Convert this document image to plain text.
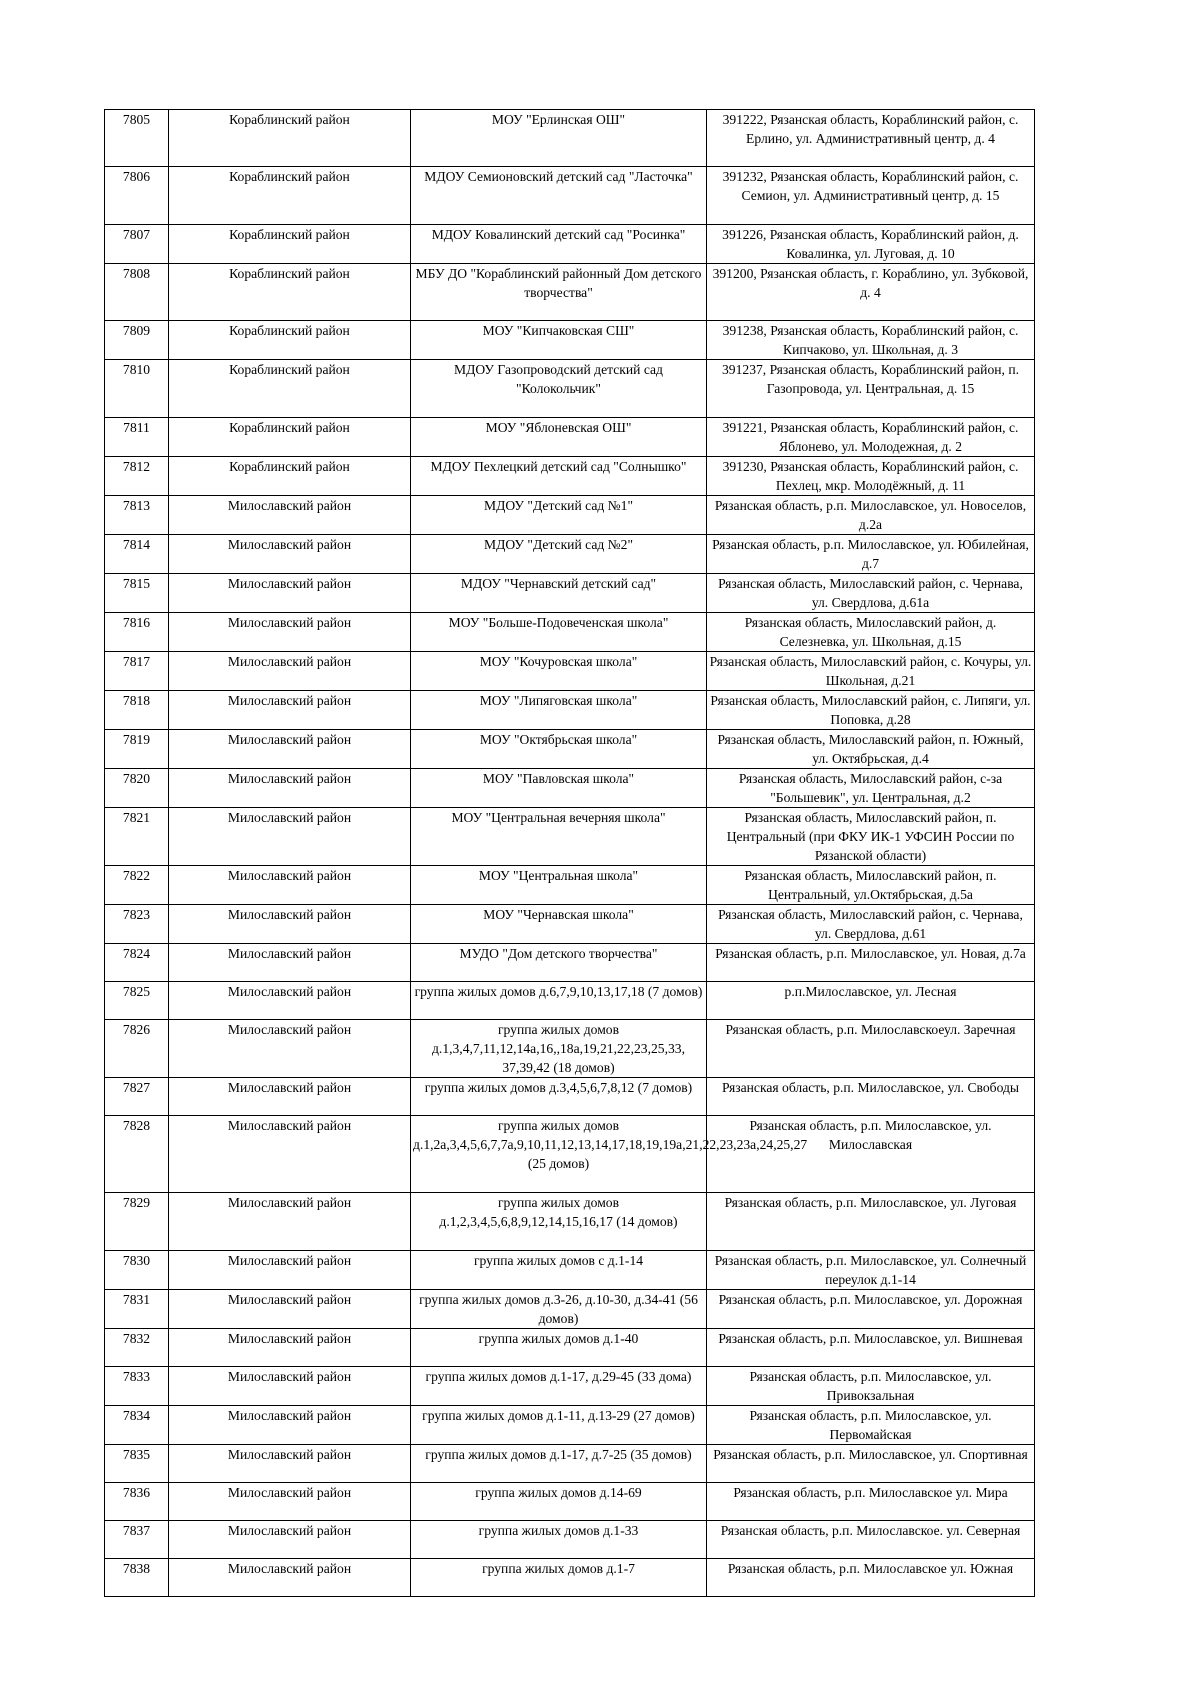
7805	Кораблинский район	МОУ "Ерлинская ОШ"	391222, Рязанская область, Кораблинский район, с. Ерлино, ул. Административный центр, д. 4
7806	Кораблинский район	МДОУ Семионовский детский сад "Ласточка"	391232, Рязанская область, Кораблинский район, с. Семион, ул. Административный центр, д. 15
7807	Кораблинский район	МДОУ Ковалинский детский сад "Росинка"	391226, Рязанская область, Кораблинский район, д. Ковалинка, ул. Луговая, д. 10
7808	Кораблинский район	МБУ ДО "Кораблинский районный Дом детского творчества"	391200, Рязанская область, г. Кораблино, ул. Зубковой, д. 4
7809	Кораблинский район	МОУ "Кипчаковская СШ"	391238, Рязанская область, Кораблинский район, с. Кипчаково, ул. Школьная, д. 3
7810	Кораблинский район	МДОУ Газопроводский детский сад "Колокольчик"	391237, Рязанская область, Кораблинский район, п. Газопровода, ул. Центральная, д. 15
7811	Кораблинский район	МОУ "Яблоневская ОШ"	391221, Рязанская область, Кораблинский район, с. Яблонево, ул. Молодежная, д. 2
7812	Кораблинский район	МДОУ Пехлецкий детский сад "Солнышко"	391230, Рязанская область, Кораблинский район, с. Пехлец, мкр. Молодёжный, д. 11
7813	Милославский район	МДОУ "Детский сад №1"	Рязанская область, р.п. Милославское, ул. Новоселов, д.2а
7814	Милославский район	МДОУ "Детский сад №2"	Рязанская область, р.п. Милославское, ул. Юбилейная, д.7
7815	Милославский район	МДОУ "Чернавский детский сад"	Рязанская область, Милославский район, с. Чернава, ул. Свердлова, д.61а
7816	Милославский район	МОУ "Больше-Подовеченская школа"	Рязанская область, Милославский район, д. Селезневка, ул. Школьная, д.15
7817	Милославский район	МОУ "Кочуровская школа"	Рязанская область, Милославский район, с. Кочуры, ул. Школьная, д.21
7818	Милославский район	МОУ "Липяговская школа"	Рязанская область, Милославский район, с. Липяги, ул. Поповка, д.28
7819	Милославский район	МОУ "Октябрьская школа"	Рязанская область, Милославский район, п. Южный, ул. Октябрьская, д.4
7820	Милославский район	МОУ "Павловская школа"	Рязанская область, Милославский район, с-за "Большевик", ул. Центральная, д.2
7821	Милославский район	МОУ "Центральная вечерняя школа"	Рязанская область, Милославский район, п. Центральный (при ФКУ ИК-1 УФСИН России по Рязанской области)
7822	Милославский район	МОУ "Центральная школа"	Рязанская область, Милославский район, п. Центральный, ул.Октябрьская, д.5а
7823	Милославский район	МОУ "Чернавская школа"	Рязанская область, Милославский район, с. Чернава, ул. Свердлова, д.61
7824	Милославский район	МУДО "Дом детского творчества"	Рязанская область, р.п. Милославское, ул. Новая, д.7а
7825	Милославский район	группа жилых домов д.6,7,9,10,13,17,18 (7 домов)	р.п.Милославское, ул. Лесная
7826	Милославский район	группа жилых домов д.1,3,4,7,11,12,14а,16,,18а,19,21,22,23,25,33, 37,39,42 (18 домов)	Рязанская область, р.п. Милославскоеул. Заречная
7827	Милославский район	группа жилых домов д.3,4,5,6,7,8,12 (7 домов)	Рязанская область, р.п. Милославское, ул. Свободы
7828	Милославский район	группа жилых домов д.1,2а,3,4,5,6,7,7а,9,10,11,12,13,14,17,18,19,19а,21,22,23,23а,24,25,27 (25 домов)	Рязанская область, р.п. Милославское, ул. Милославская
7829	Милославский район	группа жилых домов д.1,2,3,4,5,6,8,9,12,14,15,16,17 (14 домов)	Рязанская область, р.п. Милославское, ул. Луговая
7830	Милославский район	группа жилых домов с д.1-14	Рязанская область, р.п. Милославское, ул. Солнечный переулок д.1-14
7831	Милославский район	группа жилых домов д.3-26, д.10-30, д.34-41 (56 домов)	Рязанская область, р.п. Милославское, ул. Дорожная
7832	Милославский район	группа жилых домов д.1-40	Рязанская область, р.п. Милославское, ул. Вишневая
7833	Милославский район	группа жилых домов д.1-17, д.29-45 (33 дома)	Рязанская область, р.п. Милославское, ул. Привокзальная
7834	Милославский район	группа жилых домов д.1-11, д.13-29 (27 домов)	Рязанская область, р.п. Милославское, ул. Первомайская
7835	Милославский район	группа жилых домов д.1-17, д.7-25 (35 домов)	Рязанская область, р.п. Милославское, ул. Спортивная
7836	Милославский район	группа жилых домов д.14-69	Рязанская область, р.п. Милославское ул. Мира
7837	Милославский район	группа жилых домов д.1-33	Рязанская область, р.п. Милославское. ул. Северная
7838	Милославский район	группа жилых домов д.1-7	Рязанская область, р.п. Милославское ул. Южная
